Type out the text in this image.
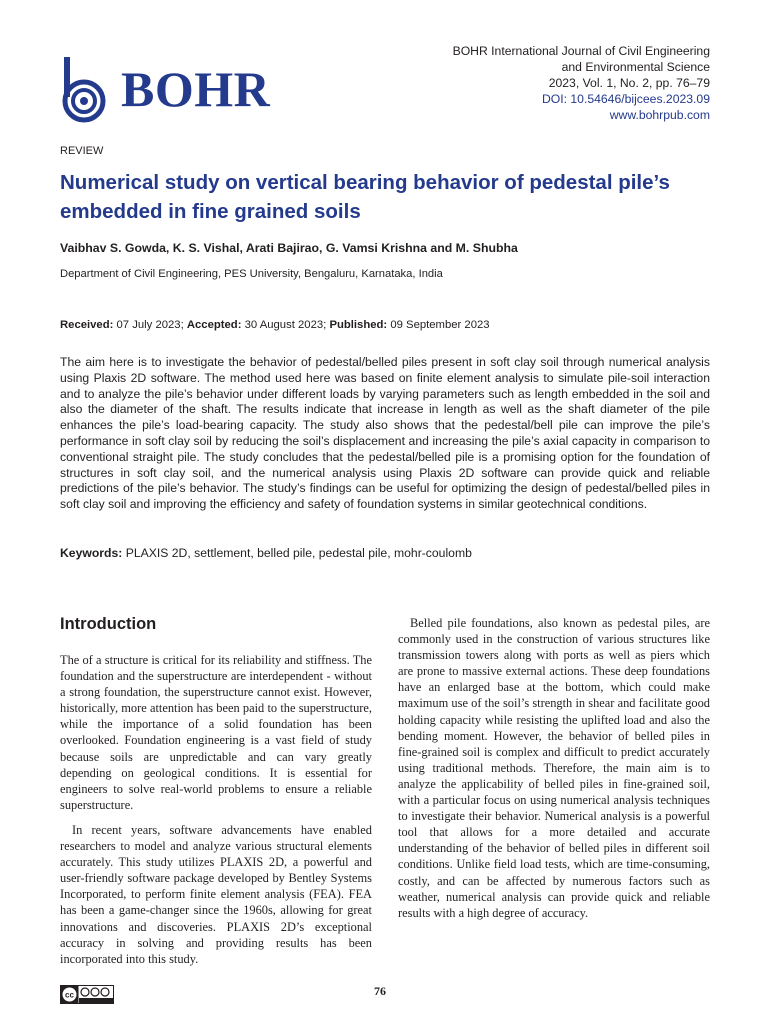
BOHR
BOHR International Journal of Civil Engineering
and Environmental Science
2023, Vol. 1, No. 2, pp. 76–79
DOI: 10.54646/bijcees.2023.09
www.bohrpub.com
REVIEW
Numerical study on vertical bearing behavior of pedestal pile’s embedded in fine grained soils
Vaibhav S. Gowda, K. S. Vishal, Arati Bajirao, G. Vamsi Krishna and M. Shubha
Department of Civil Engineering, PES University, Bengaluru, Karnataka, India
Received: 07 July 2023; Accepted: 30 August 2023; Published: 09 September 2023

The aim here is to investigate the behavior of pedestal/belled piles present in soft clay soil through numerical analysis using Plaxis 2D software. The method used here was based on finite element analysis to simulate pile-soil interaction and to analyze the pile’s behavior under different loads by varying parameters such as length embedded in the soil and also the diameter of the shaft. The results indicate that increase in length as well as the shaft diameter of the pile enhances the pile’s load-bearing capacity. The study also shows that the pedestal/bell pile can improve the pile’s performance in soft clay soil by reducing the soil’s displacement and increasing the pile’s axial capacity in comparison to conventional straight pile. The study concludes that the pedestal/belled pile is a promising option for the foundation of structures in soft clay soil, and the numerical analysis using Plaxis 2D software can provide quick and reliable predictions of the pile’s behavior. The study’s findings can be useful for optimizing the design of pedestal/belled piles in soft clay soil and improving the efficiency and safety of foundation systems in similar geotechnical conditions.

Keywords: PLAXIS 2D, settlement, belled pile, pedestal pile, mohr-coulomb
Introduction

The of a structure is critical for its reliability and stiffness. The foundation and the superstructure are interdependent - without a strong foundation, the superstructure cannot exist. However, historically, more attention has been paid to the superstructure, while the importance of a solid foundation has been overlooked. Foundation engineering is a vast field of study because soils are unpredictable and can vary greatly depending on geological conditions. It is essential for engineers to solve real-world problems to ensure a reliable superstructure.

In recent years, software advancements have enabled researchers to model and analyze various structural elements accurately. This study utilizes PLAXIS 2D, a powerful and user-friendly software package developed by Bentley Systems Incorporated, to perform finite element analysis (FEA). FEA has been a game-changer since the 1960s, allowing for great innovations and discoveries. PLAXIS 2D’s exceptional accuracy in solving and providing results has been incorporated into this study.

Belled pile foundations, also known as pedestal piles, are commonly used in the construction of various structures like transmission towers along with ports as well as piers which are prone to massive external actions. These deep foundations have an enlarged base at the bottom, which could make maximum use of the soil’s strength in shear and facilitate good holding capacity while resisting the uplifted load and also the bending moment. However, the behavior of belled piles in fine-grained soil is complex and difficult to predict accurately using traditional methods. Therefore, the main aim is to analyze the applicability of belled piles in fine-grained soil, with a particular focus on using numerical analysis techniques to investigate their behavior. Numerical analysis is a powerful tool that allows for a more detailed and accurate understanding of the behavior of belled piles in different soil conditions. Unlike field load tests, which are time-consuming, costly, and can be affected by numerous factors such as weather, numerical analysis can provide quick and reliable results with a high degree of accuracy.

cc	76
